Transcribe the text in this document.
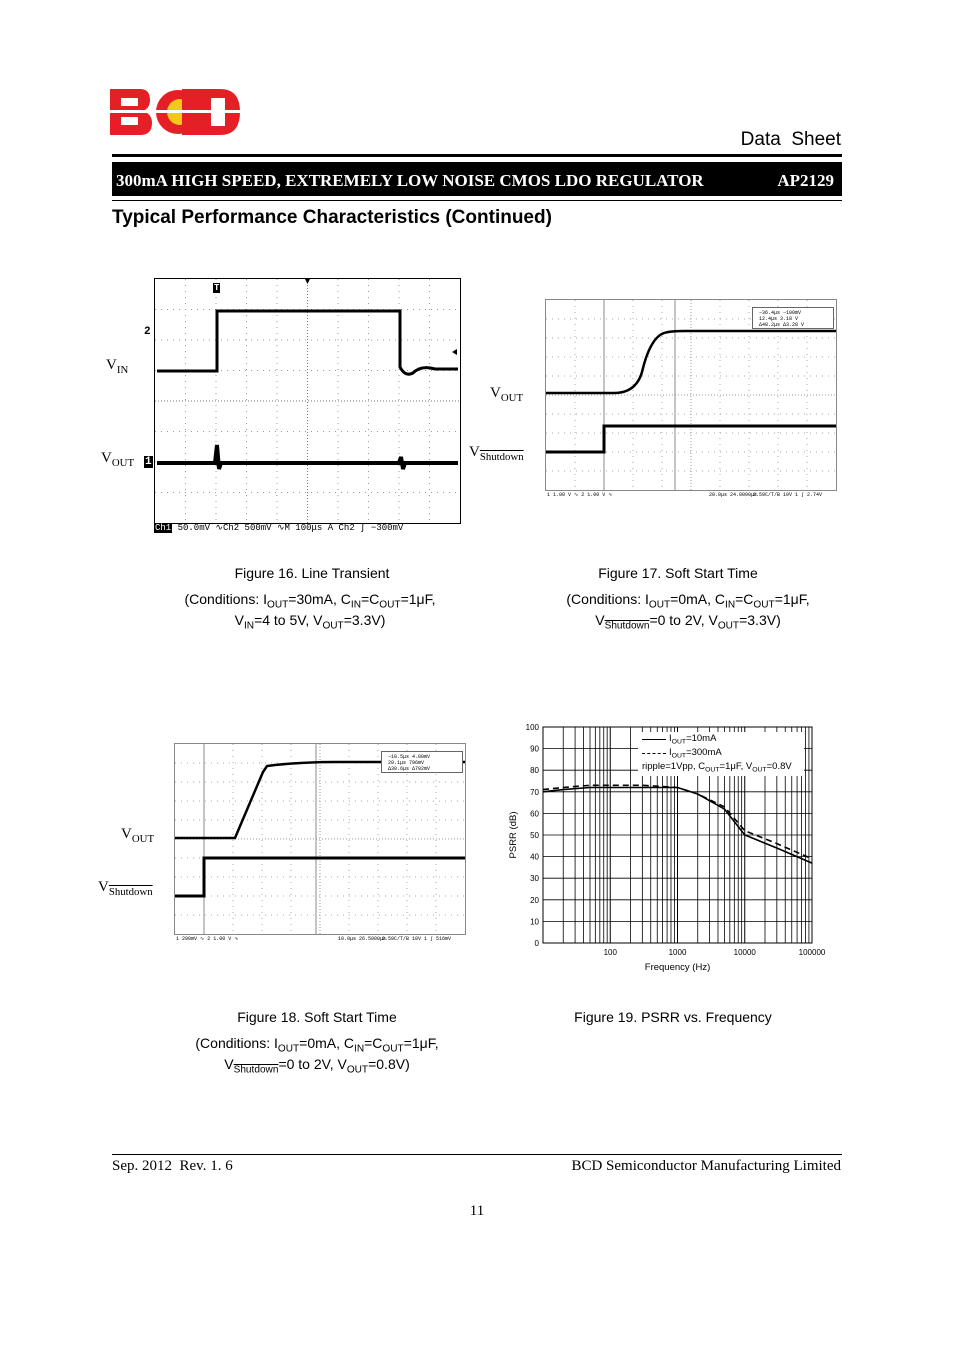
Data  Sheet
300mA HIGH SPEED, EXTREMELY LOW NOISE CMOS LDO REGULATOR	AP2129
Typical Performance Characteristics (Continued)
T
2
1
$V_{IN}$
$V_{OUT}$
Ch1 50.0mV ∿Ch2 500mV ∿M 100μs A Ch2 ∫ −300mV
Figure 16. Line Transient
(Conditions: $I_{OUT}=30mA$, $C_{IN}=C_{OUT}=1\mu F$,
$V_{IN}=4$ to 5V, $V_{OUT}=3.3V$)
−36.4μs −100mV
12.4μs 3.18 V
Δ48.2μs Δ3.28 V
1 1.00 V ∿ 2 1.00 V ∿	20.0μs 24.0000μs
2.59C/T/B 10V 1 ∫ 2.74V
$V_{OUT}$
$V_{Shutdown}$
Figure 17. Soft Start Time
(Conditions: $I_{OUT}=0mA$, $C_{IN}=C_{OUT}=1\mu F$,
$V_{Shutdown}=0$ to 2V, $V_{OUT}=3.3V$)
−10.5μs 4.00mV
20.1μs 796mV
Δ30.6μs Δ792mV
1 200mV ∿ 2 1.00 V ∿	10.0μs 26.5000μs
2.59C/T/B 10V 1 ∫ 516mV
$V_{OUT}$
$V_{Shutdown}$
Figure 18. Soft Start Time
(Conditions: $I_{OUT}=0mA$, $C_{IN}=C_{OUT}=1\mu F$,
$V_{Shutdown}=0$ to 2V, $V_{OUT}=0.8V$)
0
10
20
30
40
50
60
70
80
90
100
100	1000	10000	100000
Frequency (Hz)
PSRR (dB)
$I_{OUT}=10mA$
$I_{OUT}=300mA$
ripple=1Vpp, $C_{OUT}=1\mu F$, $V_{OUT}=0.8V$
Figure 19. PSRR vs. Frequency
Sep. 2012  Rev. 1. 6	BCD Semiconductor Manufacturing Limited
11
